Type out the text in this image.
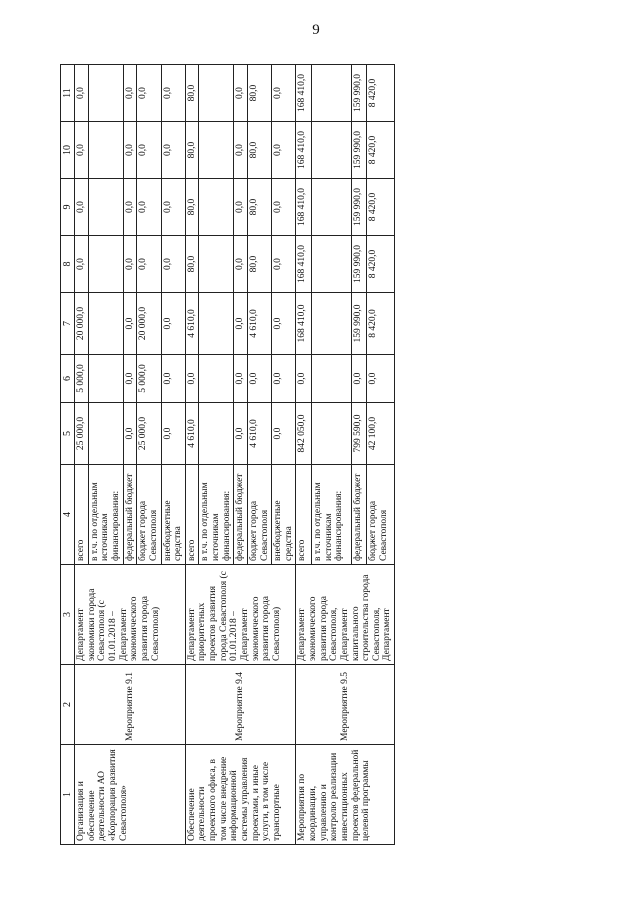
9
1	2	3	4	5	6	7	8	9	10	11
Организация и обеспечение деятельности АО «Корпорация развития Севастополя»	Мероприятие 9.1	Департамент экономики города Севастополя (с 01.01.2018 – Департамент экономического развития города Севастополя)	всего	25 000,0	5 000,0	20 000,0	0,0	0,0	0,0	0,0
			в т.ч. по отдельным источникам финансирования:							
			федеральный бюджет	0,0	0,0	0,0	0,0	0,0	0,0	0,0
			бюджет города Севастополя	25 000,0	5 000,0	20 000,0	0,0	0,0	0,0	0,0
			внебюджетные средства	0,0	0,0	0,0	0,0	0,0	0,0	0,0
Обеспечение деятельности проектного офиса, в том числе внедрение информационной системы управления проектами, и иные услуги, в том числе транспортные	Мероприятие 9.4	Департамент приоритетных проектов развития города Севастополя (с 01.01.2018 – Департамент экономического развития города Севастополя)	всего	4 610,0	0,0	4 610,0	80,0	80,0	80,0	80,0
			в т.ч. по отдельным источникам финансирования:							
			федеральный бюджет	0,0	0,0	0,0	0,0	0,0	0,0	0,0
			бюджет города Севастополя	4 610,0	0,0	4 610,0	80,0	80,0	80,0	80,0
			внебюджетные средства	0,0	0,0	0,0	0,0	0,0	0,0	0,0
Мероприятия по координации, управлению и контролю реализации инвестиционных проектов федеральной целевой программы	Мероприятие 9.5	Департамент экономического развития города Севастополя, Департамент капитального строительства города Севастополя, Департамент	всего	842 050,0	0,0	168 410,0	168 410,0	168 410,0	168 410,0	168 410,0
			в т.ч. по отдельным источникам финансирования:							
			федеральный бюджет	799 590,0	0,0	159 990,0	159 990,0	159 990,0	159 990,0	159 990,0
			бюджет города Севастополя	42 100,0	0,0	8 420,0	8 420,0	8 420,0	8 420,0	8 420,0
